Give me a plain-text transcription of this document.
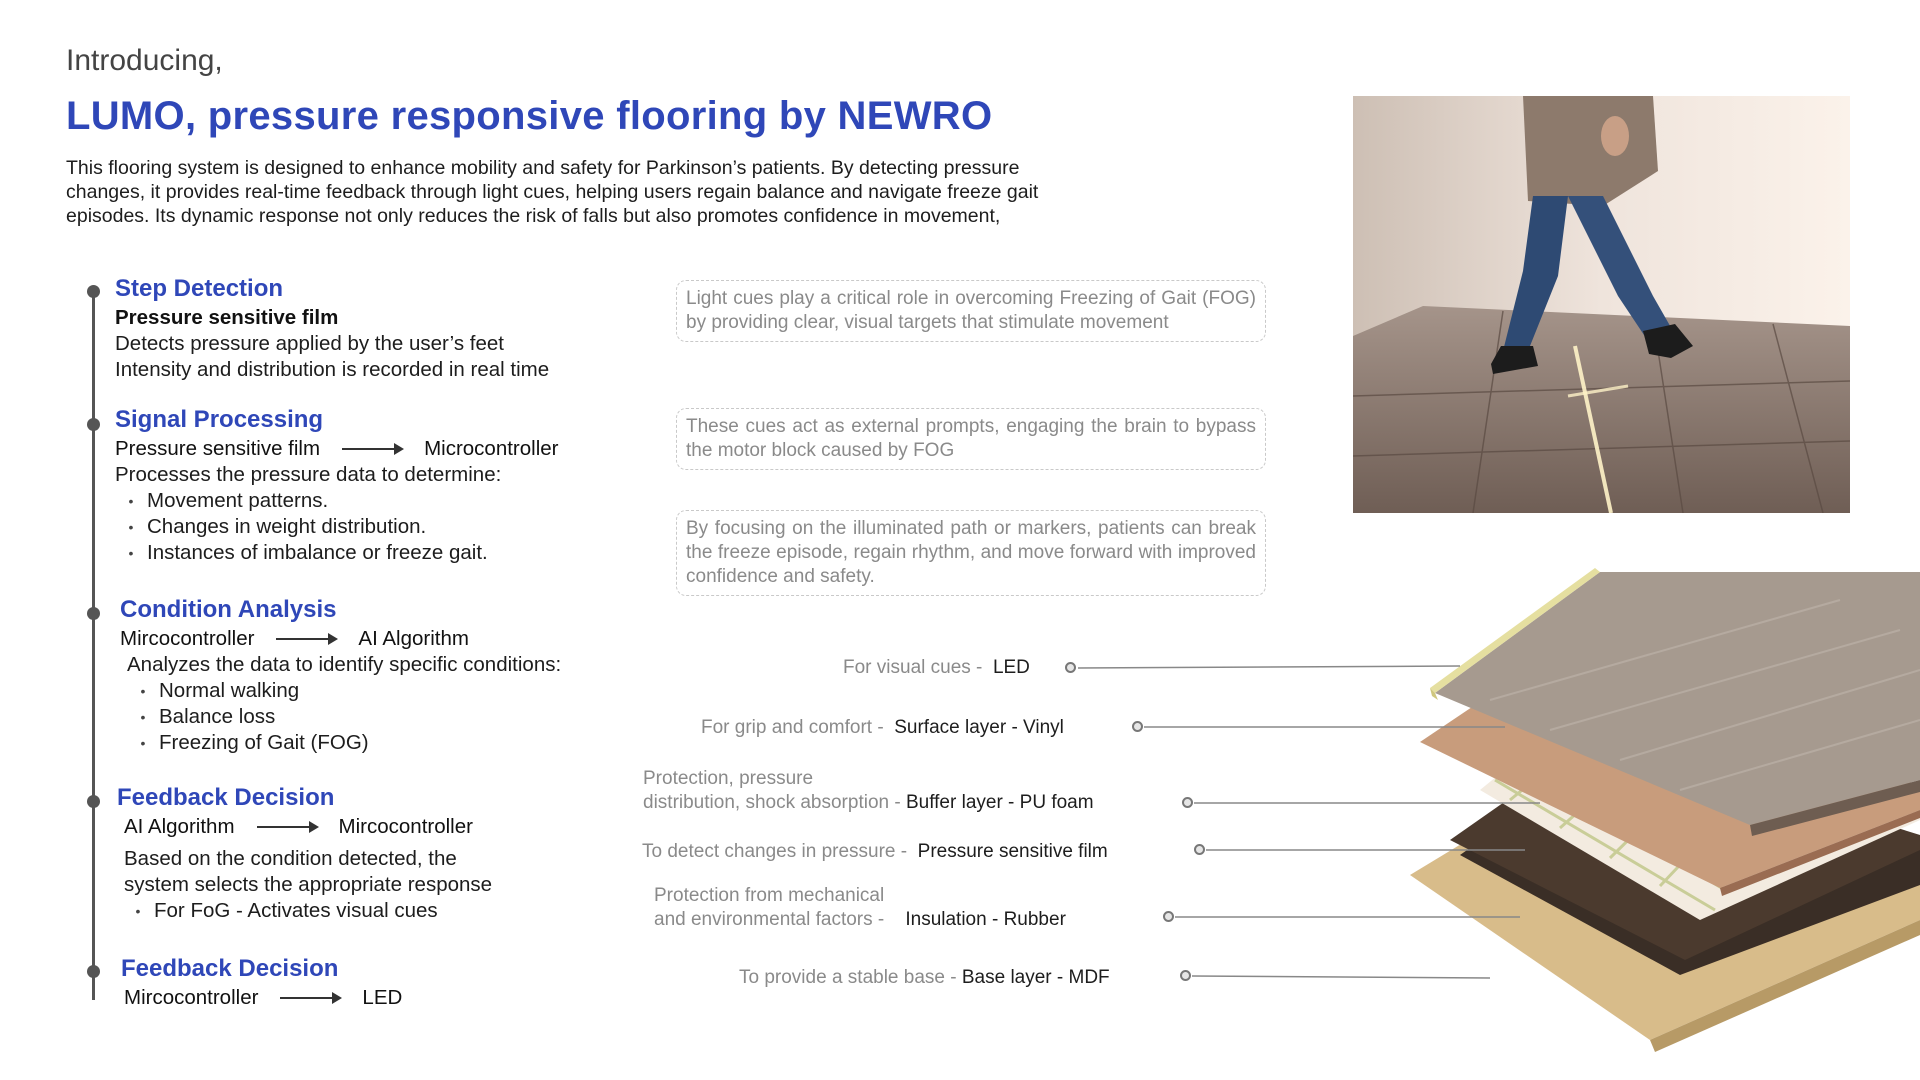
Introducing,
LUMO, pressure responsive flooring by NEWRO
This flooring system is designed to enhance mobility and safety for Parkinson’s patients. By detecting pressure changes, it provides real-time feedback through light cues, helping users regain balance and navigate freeze gait episodes. Its dynamic response not only reduces the risk of falls but also promotes confidence in movement,
Step Detection
Pressure sensitive film
Detects pressure applied by the user’s feet
Intensity and distribution is recorded in real time
Signal Processing
Pressure sensitive film	Microcontroller
Processes the pressure data to determine:
• Movement patterns.
• Changes in weight distribution.
• Instances of imbalance or freeze gait.
Condition Analysis
Mircocontroller	AI Algorithm
Analyzes the data to identify specific conditions:
• Normal walking
• Balance loss
• Freezing of Gait (FOG)
Feedback Decision
AI Algorithm	Mircocontroller
Based on the condition detected, the
system selects the appropriate response
• For FoG - Activates visual cues
Feedback Decision
Mircocontroller	LED
Light cues play a critical role in overcoming Freezing of Gait (FOG) by providing clear, visual targets that stimulate movement
These cues act as external prompts, engaging the brain to bypass the motor block caused by FOG
By focusing on the illuminated path or markers, patients can break the freeze episode, regain rhythm, and move forward with improved confidence and safety.
For visual cues - LED
For grip and comfort - Surface layer - Vinyl
Protection, pressure
distribution, shock absorption - Buffer layer - PU foam
To detect changes in pressure - Pressure sensitive film
Protection from mechanical
and environmental factors - Insulation - Rubber
To provide a stable base - Base layer - MDF
